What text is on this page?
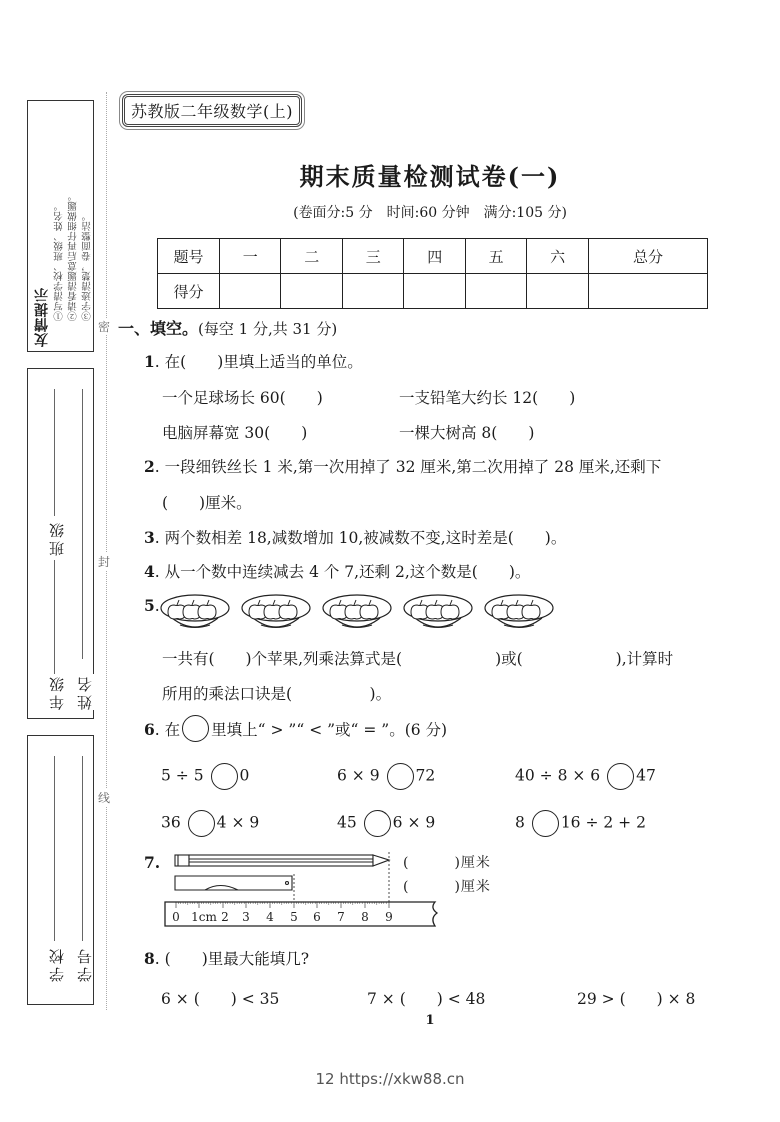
友情提示 ①写清学校、班级、姓名。 ②请看清题意后再仔细做题。 ③字迹清楚，卷面整洁。
班级
年级 姓名
学校 学号
密
封
线
苏教版二年级数学(上)
期末质量检测试卷(一)
(卷面分:5 分　时间:60 分钟　满分:105 分)
题号	一	二	三	四	五	六	总分
得分							
一、填空。(每空 1 分,共 31 分)
1. 在(　　)里填上适当的单位。
一个足球场长 60(　　)	一支铅笔大约长 12(　　)
电脑屏幕宽 30(　　)	一棵大树高 8(　　)
2. 一段细铁丝长 1 米,第一次用掉了 32 厘米,第二次用掉了 28 厘米,还剩下
(　　)厘米。
3. 两个数相差 18,减数增加 10,被减数不变,这时差是(　　)。
4. 从一个数中连续减去 4 个 7,还剩 2,这个数是(　　)。
5.
一共有(　　)个苹果,列乘法算式是(　　　　　　)或(　　　　　　),计算时
所用的乘法口诀是(　　　　　)。
6. 在 里填上“ > ”“ < ”或“ = ”。(6 分)
5 ÷ 5 0	6 × 9 72	40 ÷ 8 × 6 47
36 4 × 9	45 6 × 9	8 16 ÷ 2 + 2
7.
0 1cm 2 3 4 5 6 7 8 9
(　　　)厘米
(　　　)厘米
8. (　　)里最大能填几?
6 × (　　) < 35	7 × (　　) < 48	29 > (　　) × 8
1
12 https://xkw88.cn
